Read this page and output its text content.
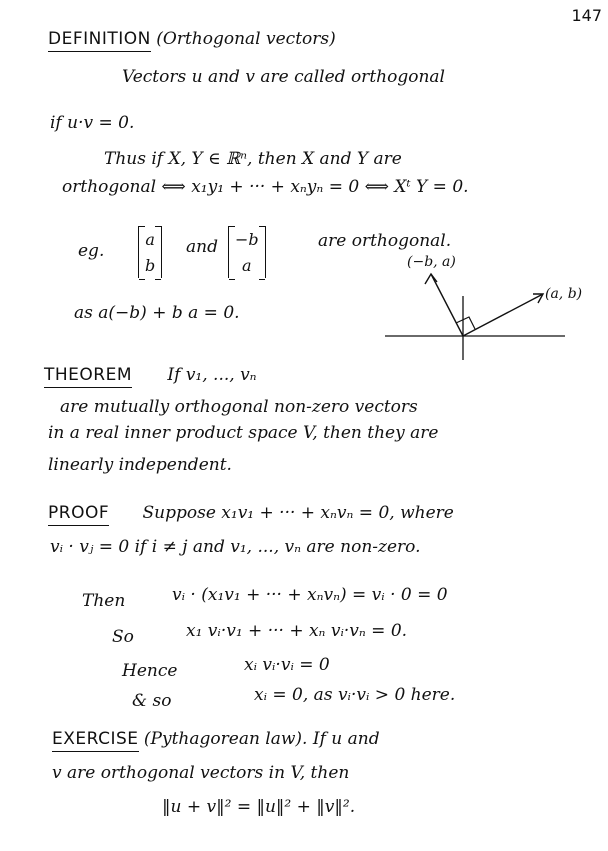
147
DEFINITION (Orthogonal vectors)
Vectors u and v are called orthogonal
if u·v = 0.
Thus if X, Y ∈ ℝⁿ, then X and Y are
orthogonal ⟺ x₁y₁ + ··· + xₙyₙ = 0 ⟺ Xᵗ Y = 0.
eg.
a
b
and −b
a
are orthogonal.
as a(−b) + b a = 0.
(−b, a)
(a, b)
THEOREM If v₁, ..., vₙ
are mutually orthogonal non-zero vectors
in a real inner product space V, then they are
linearly independent.
PROOF Suppose x₁v₁ + ··· + xₙvₙ = 0, where
vᵢ · vⱼ = 0 if i ≠ j and v₁, ..., vₙ are non-zero.
Then	vᵢ · (x₁v₁ + ··· + xₙvₙ) = vᵢ · 0 = 0
So	x₁ vᵢ·v₁ + ··· + xₙ vᵢ·vₙ = 0.
Hence	xᵢ vᵢ·vᵢ = 0
& so	xᵢ = 0, as vᵢ·vᵢ > 0 here.
EXERCISE (Pythagorean law). If u and
v are orthogonal vectors in V, then
‖u + v‖² = ‖u‖² + ‖v‖².
